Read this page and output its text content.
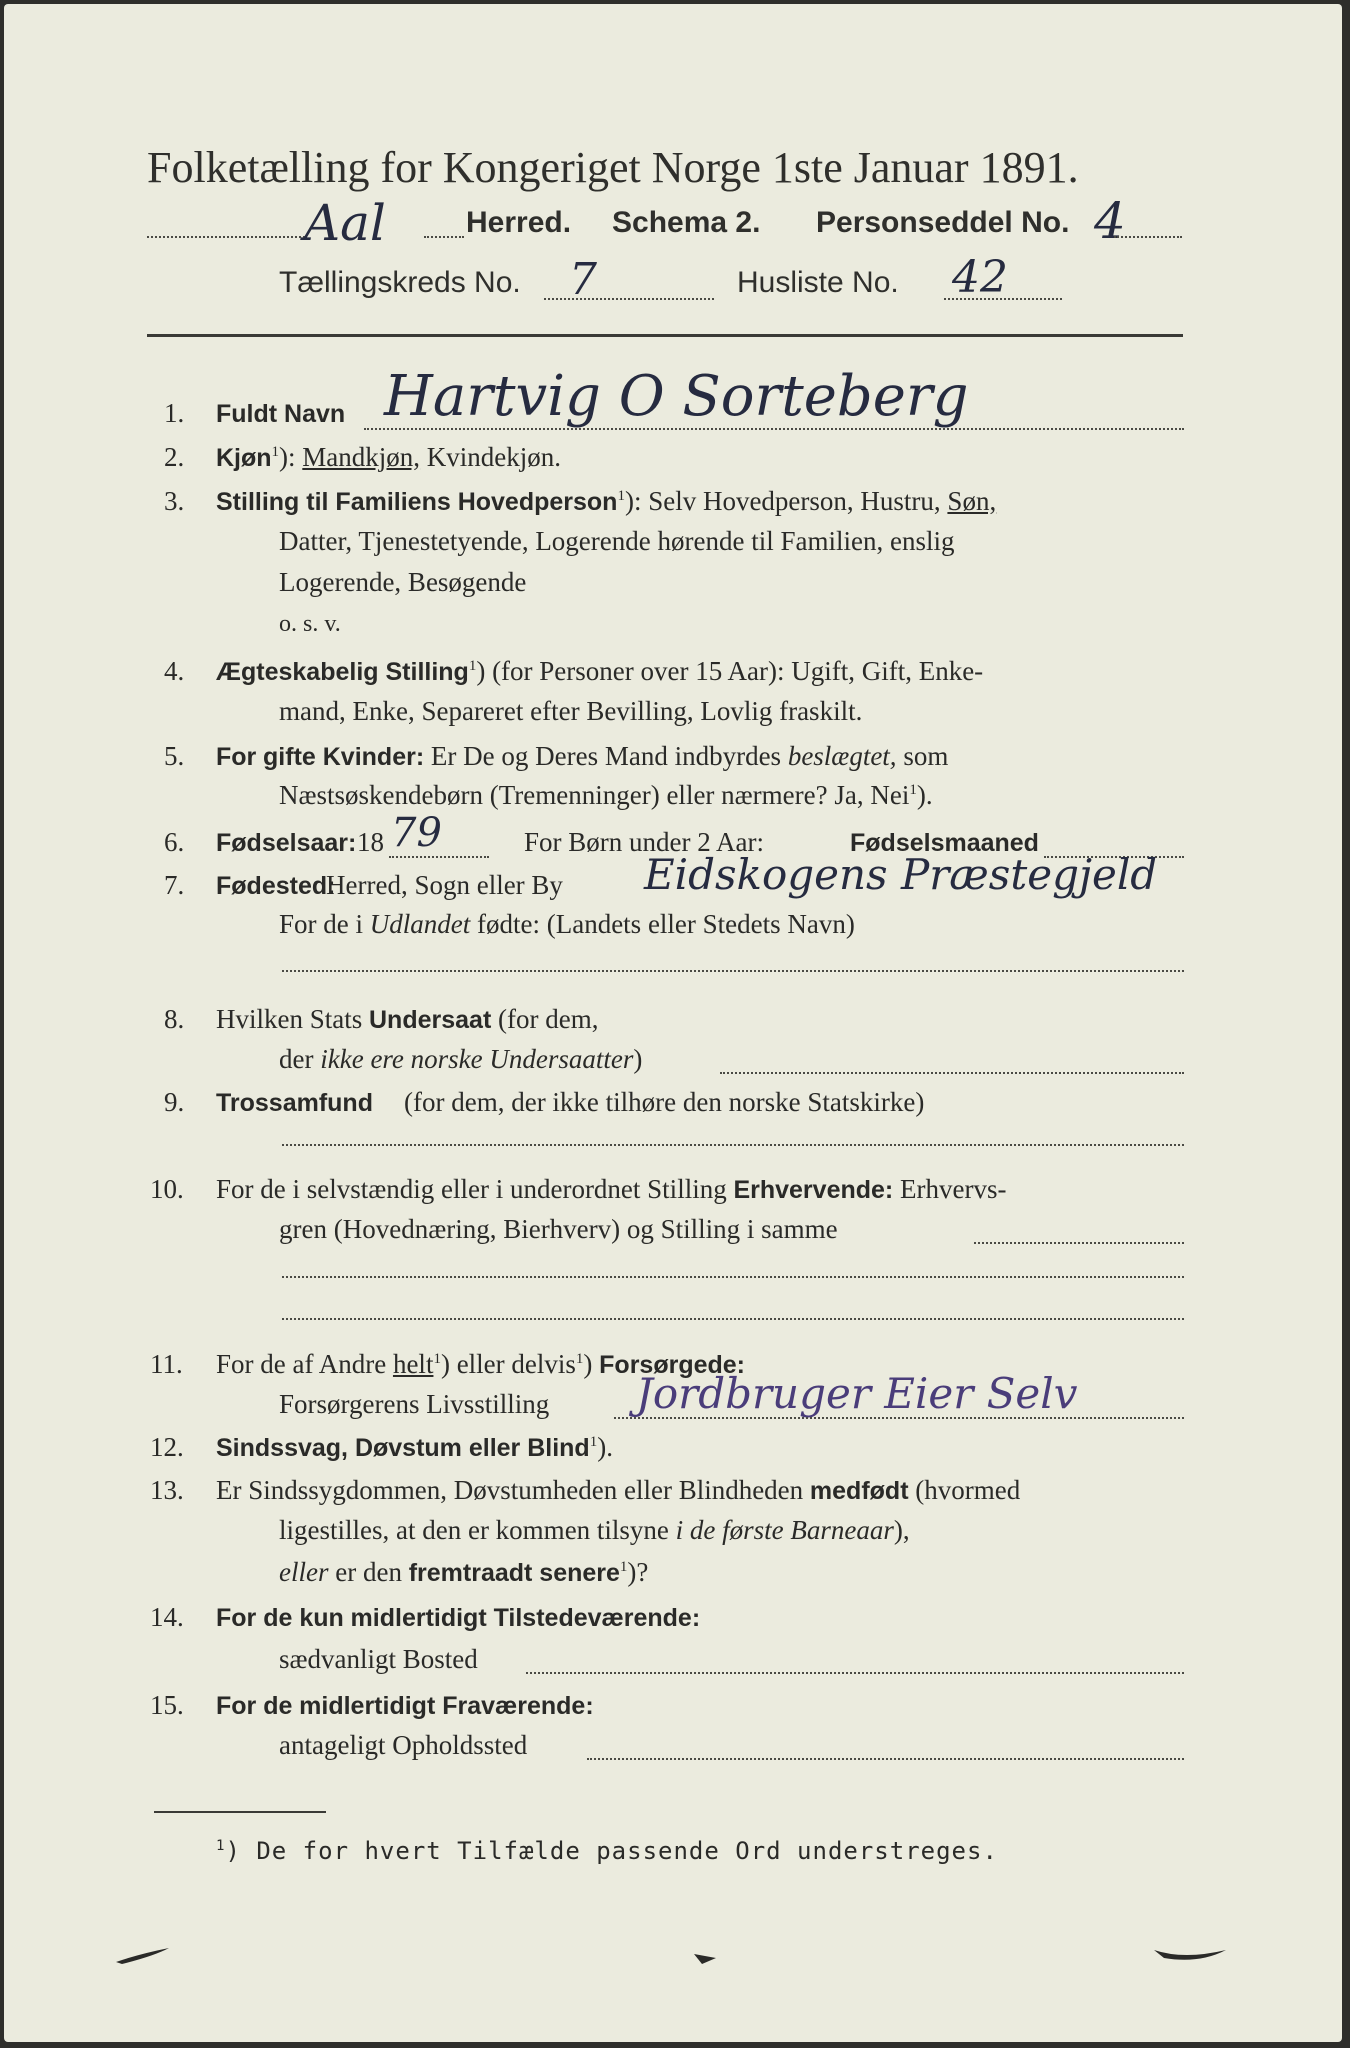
Folketælling for Kongeriget Norge 1ste Januar 1891.
Aal	Herred. Schema 2. Personseddel No. 4
Tællingskreds No. 7	Husliste No. 42
1. Fuldt Navn Hartvig O Sorteberg
2. Kjøn$^1$): Mandkjøn, Kvindekjøn.
3. Stilling til Familiens Hovedperson$^1$): Selv Hovedperson, Hustru, Søn,
Datter, Tjenestetyende, Logerende hørende til Familien, enslig
Logerende, Besøgende
o. s. v.
4. Ægteskabelig Stilling$^1$) (for Personer over 15 Aar): Ugift, Gift, Enke-
mand, Enke, Separeret efter Bevilling, Lovlig fraskilt.
5. For gifte Kvinder: Er De og Deres Mand indbyrdes beslægtet, som
Næstsøskendebørn (Tremenninger) eller nærmere? Ja, Nei$^1$).
6. Fødselsaar: 18 79	For Børn under 2 Aar:	Fødselsmaaned
7. Fødested:
Herred, Sogn eller By Eidskogens Præstegjeld
For de i Udlandet fødte: (Landets eller Stedets Navn)
8. Hvilken Stats Undersaat (for dem,
der ikke ere norske Undersaatter)
9. Trossamfund (for dem, der ikke tilhøre den norske Statskirke)
10. For de i selvstændig eller i underordnet Stilling Erhvervende: Erhvervs-
gren (Hovednæring, Bierhverv) og Stilling i samme
11. For de af Andre helt$^1$) eller delvis$^1$) Forsørgede:
Forsørgerens Livsstilling Jordbruger Eier Selv
12. Sindssvag, Døvstum eller Blind$^1$).
13. Er Sindssygdommen, Døvstumheden eller Blindheden medfødt (hvormed
ligestilles, at den er kommen tilsyne i de første Barneaar),
eller er den fremtraadt senere$^1$)?
14. For de kun midlertidigt Tilstedeværende:
sædvanligt Bosted
15. For de midlertidigt Fraværende:
antageligt Opholdssted
$^1$) De for hvert Tilfælde passende Ord understreges.
